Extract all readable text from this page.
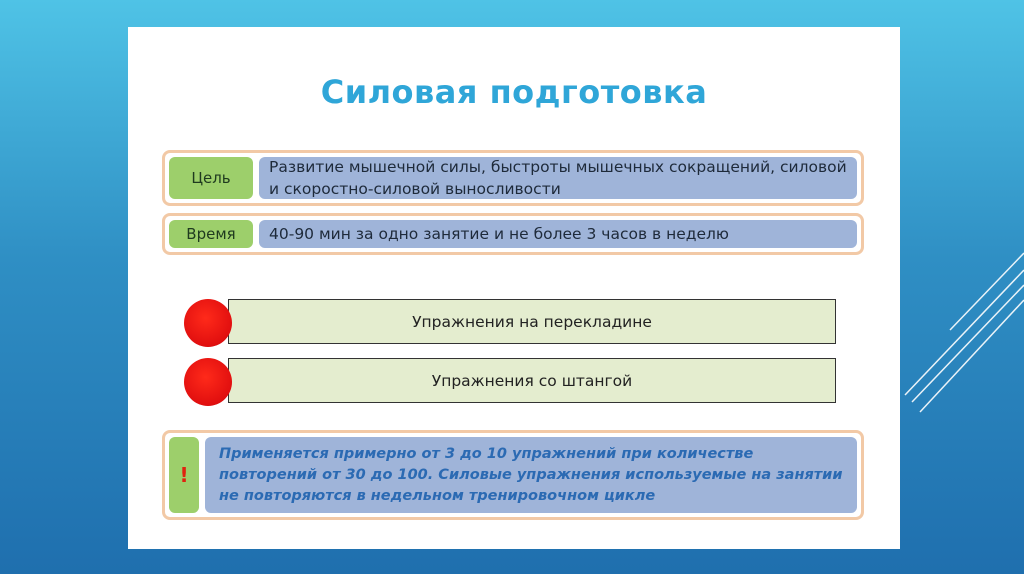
Силовая подготовка
Цель
Развитие мышечной силы, быстроты мышечных сокращений, силовой и скоростно-силовой выносливости
Время	40-90 мин за одно занятие и не более 3 часов в неделю
Упражнения на перекладине
Упражнения со штангой
!
Применяется примерно от 3 до 10 упражнений при количестве повторений от 30 до 100. Силовые упражнения используемые на занятии не повторяются в недельном тренировочном цикле
